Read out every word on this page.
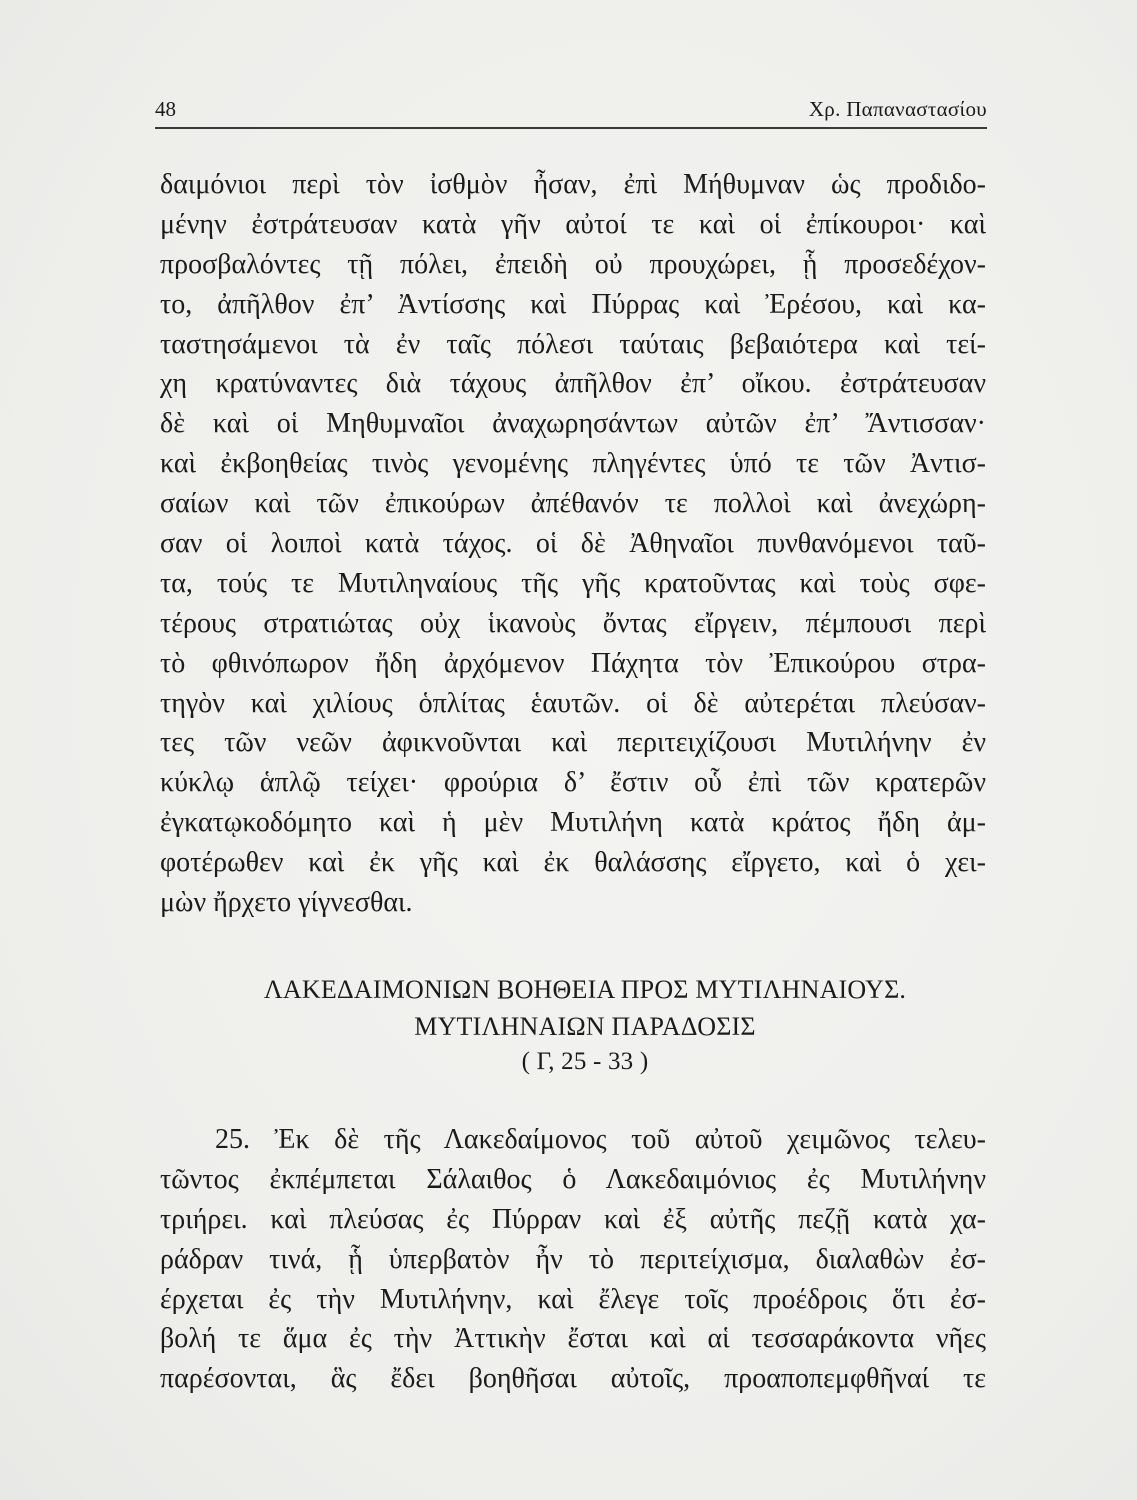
48	Χρ. Παπαναστασίου
δαιμόνιοι περὶ τὸν ἰσθμὸν ἦσαν, ἐπὶ Μήθυμναν ὡς προδιδο-
μένην ἐστράτευσαν κατὰ γῆν αὐτοί τε καὶ οἱ ἐπίκουροι· καὶ
προσβαλόντες τῇ πόλει, ἐπειδὴ οὐ προυχώρει, ᾗ προσεδέχον-
το, ἀπῆλθον ἐπ’ Ἀντίσσης καὶ Πύρρας καὶ Ἐρέσου, καὶ κα-
ταστησάμενοι τὰ ἐν ταῖς πόλεσι ταύταις βεβαιότερα καὶ τεί-
χη κρατύναντες διὰ τάχους ἀπῆλθον ἐπ’ οἴκου. ἐστράτευσαν
δὲ καὶ οἱ Μηθυμναῖοι ἀναχωρησάντων αὐτῶν ἐπ’ Ἄντισσαν·
καὶ ἐκβοηθείας τινὸς γενομένης πληγέντες ὑπό τε τῶν Ἀντισ-
σαίων καὶ τῶν ἐπικούρων ἀπέθανόν τε πολλοὶ καὶ ἀνεχώρη-
σαν οἱ λοιποὶ κατὰ τάχος. οἱ δὲ Ἀθηναῖοι πυνθανόμενοι ταῦ-
τα, τούς τε Μυτιληναίους τῆς γῆς κρατοῦντας καὶ τοὺς σφε-
τέρους στρατιώτας οὐχ ἱκανοὺς ὄντας εἴργειν, πέμπουσι περὶ
τὸ φθινόπωρον ἤδη ἀρχόμενον Πάχητα τὸν Ἐπικούρου στρα-
τηγὸν καὶ χιλίους ὁπλίτας ἑαυτῶν. οἱ δὲ αὐτερέται πλεύσαν-
τες τῶν νεῶν ἀφικνοῦνται καὶ περιτειχίζουσι Μυτιλήνην ἐν
κύκλῳ ἁπλῷ τείχει· φρούρια δ’ ἔστιν οὗ ἐπὶ τῶν κρατερῶν
ἐγκατῳκοδόμητο καὶ ἡ μὲν Μυτιλήνη κατὰ κράτος ἤδη ἀμ-
φοτέρωθεν καὶ ἐκ γῆς καὶ ἐκ θαλάσσης εἴργετο, καὶ ὁ χει-
μὼν ἤρχετο γίγνεσθαι.
ΛΑΚΕΔΑΙΜΟΝΙΩΝ ΒΟΗΘΕΙΑ ΠΡΟΣ ΜΥΤΙΛΗΝΑΙΟΥΣ.
ΜΥΤΙΛΗΝΑΙΩΝ ΠΑΡΑΔΟΣΙΣ
( Γ, 25 - 33 )
25. Ἐκ δὲ τῆς Λακεδαίμονος τοῦ αὐτοῦ χειμῶνος τελευ-
τῶντος ἐκπέμπεται Σάλαιθος ὁ Λακεδαιμόνιος ἐς Μυτιλήνην
τριήρει. καὶ πλεύσας ἐς Πύρραν καὶ ἐξ αὐτῆς πεζῇ κατὰ χα-
ράδραν τινά, ᾗ ὑπερβατὸν ἦν τὸ περιτείχισμα, διαλαθὼν ἐσ-
έρχεται ἐς τὴν Μυτιλήνην, καὶ ἔλεγε τοῖς προέδροις ὅτι ἐσ-
βολή τε ἅμα ἐς τὴν Ἀττικὴν ἔσται καὶ αἱ τεσσαράκοντα νῆες
παρέσονται, ἃς ἔδει βοηθῆσαι αὐτοῖς, προαποπεμφθῆναί τε
